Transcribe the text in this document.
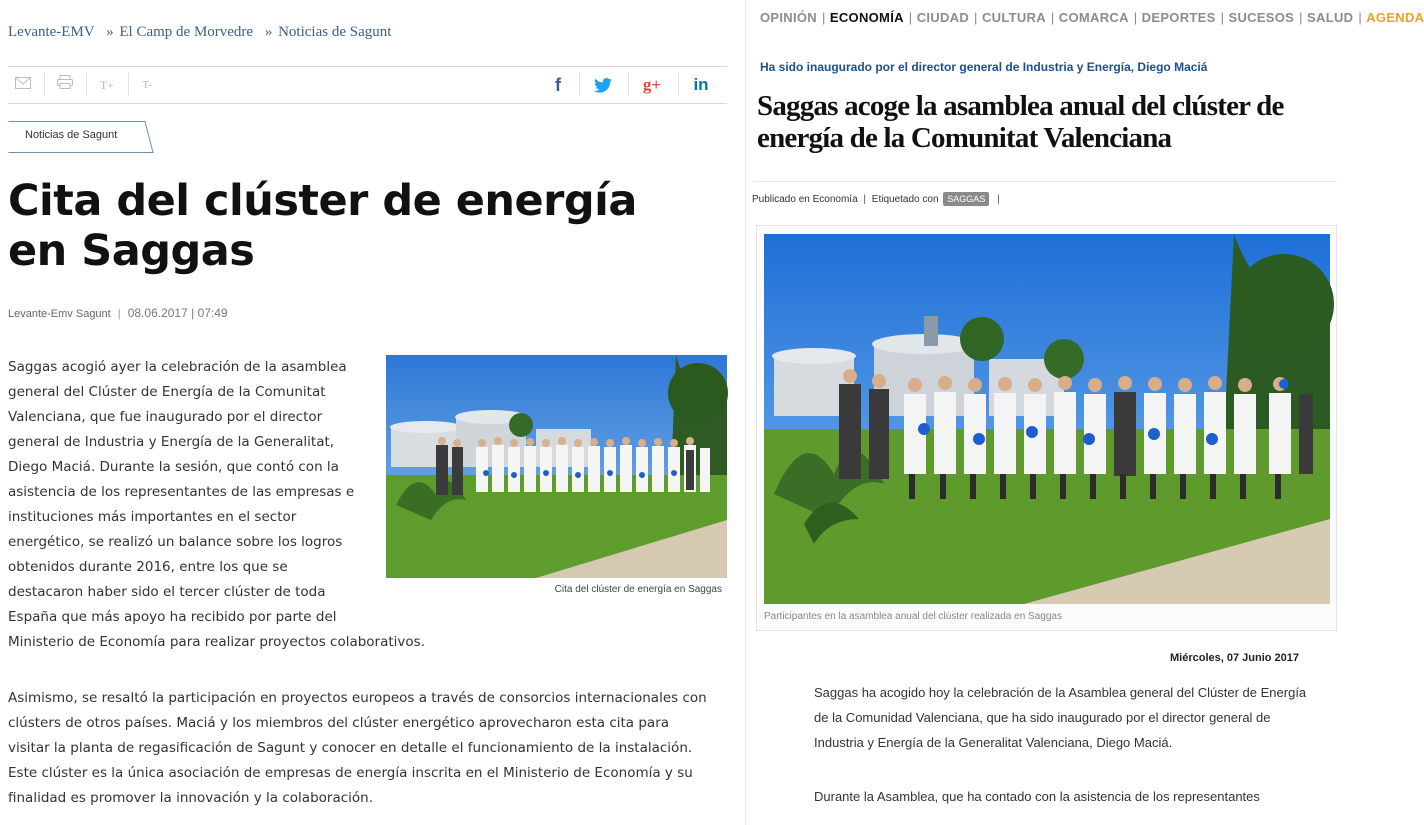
Levante-EMV » El Camp de Morvedre » Noticias de Sagunt
T+	T-	f	g+	in
Noticias de Sagunt
Cita del clúster de energía en Saggas
Levante-Emv Sagunt | 08.06.2017 | 07:49
Saggas acogió ayer la celebración de la asamblea
general del Clúster de Energía de la Comunitat
Valenciana, que fue inaugurado por el director
general de Industria y Energía de la Generalitat,
Diego Maciá. Durante la sesión, que contó con la
asistencia de los representantes de las empresas e
instituciones más importantes en el sector
energético, se realizó un balance sobre los logros
obtenidos durante 2016, entre los que se
destacaron haber sido el tercer clúster de toda
España que más apoyo ha recibido por parte del
Ministerio de Economía para realizar proyectos colaborativos.
Cita del clúster de energía en Saggas
Asimismo, se resaltó la participación en proyectos europeos a través de consorcios internacionales con
clústers de otros países. Maciá y los miembros del clúster energético aprovecharon esta cita para
visitar la planta de regasificación de Sagunt y conocer en detalle el funcionamiento de la instalación.
Este clúster es la única asociación de empresas de energía inscrita en el Ministerio de Economía y su
finalidad es promover la innovación y la colaboración.
OPINIÓN | ECONOMÍA | CIUDAD | CULTURA | COMARCA | DEPORTES | SUCESOS | SALUD | AGENDA
Ha sido inaugurado por el director general de Industria y Energía, Diego Maciá
Saggas acoge la asamblea anual del clúster de energía de la Comunitat Valenciana
Publicado en Economía | Etiquetado con SAGGAS |
Participantes en la asamblea anual del clúster realizada en Saggas
Miércoles, 07 Junio 2017

Saggas ha acogido hoy la celebración de la Asamblea general del Clúster de Energía de la Comunidad Valenciana, que ha sido inaugurado por el director general de Industria y Energía de la Generalitat Valenciana, Diego Maciá.

Durante la Asamblea, que ha contado con la asistencia de los representantes
